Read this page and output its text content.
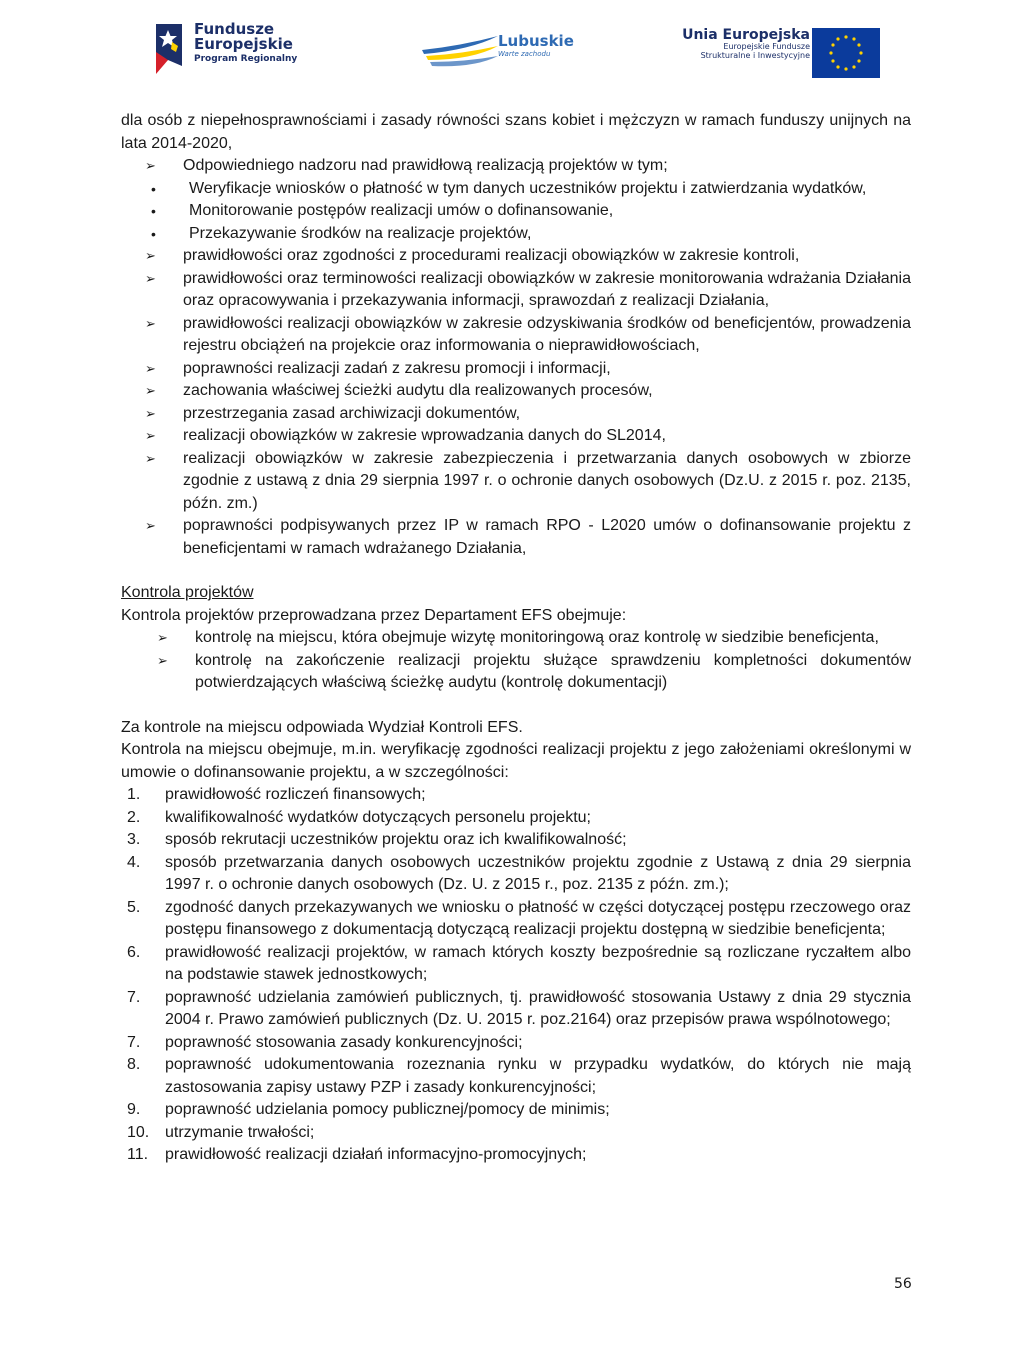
Fundusze
Europejskie
Program Regionalny
Lubuskie
Warte zachodu
Unia Europejska
Europejskie Fundusze
Strukturalne i Inwestycyjne

dla osób z niepełnosprawnościami i zasady równości szans kobiet i mężczyzn w ramach funduszy unijnych na lata 2014-2020,

➢	Odpowiedniego nadzoru nad prawidłową realizacją projektów w tym;
•	Weryfikacje wniosków o płatność w tym danych uczestników projektu i zatwierdzania wydatków,
•	Monitorowanie postępów realizacji umów o dofinansowanie,
•	Przekazywanie środków na realizacje projektów,
➢	prawidłowości oraz zgodności z procedurami realizacji obowiązków w zakresie kontroli,
➢	prawidłowości oraz terminowości realizacji obowiązków w zakresie monitorowania wdrażania Działania oraz opracowywania i przekazywania informacji, sprawozdań z realizacji Działania,
➢	prawidłowości realizacji obowiązków w zakresie odzyskiwania środków od beneficjentów, prowadzenia rejestru obciążeń na projekcie oraz informowania o nieprawidłowościach,
➢	poprawności realizacji zadań z zakresu promocji i informacji,
➢	zachowania właściwej ścieżki audytu dla realizowanych procesów,
➢	przestrzegania zasad archiwizacji dokumentów,
➢	realizacji obowiązków w zakresie wprowadzania danych do SL2014,
➢	realizacji obowiązków w zakresie zabezpieczenia i przetwarzania danych osobowych w zbiorze zgodnie z ustawą z dnia 29 sierpnia 1997 r. o ochronie danych osobowych (Dz.U. z 2015 r. poz. 2135, późn. zm.)
➢	poprawności podpisywanych przez IP w ramach RPO - L2020 umów o dofinansowanie projektu z beneficjentami w ramach wdrażanego Działania,

Kontrola projektów

Kontrola projektów przeprowadzana przez Departament EFS obejmuje:

➢	kontrolę na miejscu, która obejmuje wizytę monitoringową oraz kontrolę w siedzibie beneficjenta,
➢	kontrolę na zakończenie realizacji projektu służące sprawdzeniu kompletności dokumentów potwierdzających właściwą ścieżkę audytu (kontrolę dokumentacji)

Za kontrole na miejscu odpowiada Wydział Kontroli EFS.

Kontrola na miejscu obejmuje, m.in. weryfikację zgodności realizacji projektu z jego założeniami określonymi w umowie o dofinansowanie projektu, a w szczególności:

1.	prawidłowość rozliczeń finansowych;
2.	kwalifikowalność wydatków dotyczących personelu projektu;
3.	sposób rekrutacji uczestników projektu oraz ich kwalifikowalność;
4.	sposób przetwarzania danych osobowych uczestników projektu zgodnie z Ustawą z dnia 29 sierpnia 1997 r. o ochronie danych osobowych (Dz. U. z 2015 r., poz. 2135 z późn. zm.);
5.	zgodność danych przekazywanych we wniosku o płatność w części dotyczącej postępu rzeczowego oraz postępu finansowego z dokumentacją dotyczącą realizacji projektu dostępną w siedzibie beneficjenta;
6.	prawidłowość realizacji projektów, w ramach których koszty bezpośrednie są rozliczane ryczałtem albo na podstawie stawek jednostkowych;
7.	poprawność udzielania zamówień publicznych, tj. prawidłowość stosowania Ustawy z dnia 29 stycznia 2004 r. Prawo zamówień publicznych (Dz. U. 2015 r. poz.2164) oraz przepisów prawa wspólnotowego;
7.	poprawność stosowania zasady konkurencyjności;
8.	poprawność udokumentowania rozeznania rynku w przypadku wydatków, do których nie mają zastosowania zapisy ustawy PZP i zasady konkurencyjności;
9.	poprawność udzielania pomocy publicznej/pomocy de minimis;
10. utrzymanie trwałości;
11.	prawidłowość realizacji działań informacyjno-promocyjnych;
56
